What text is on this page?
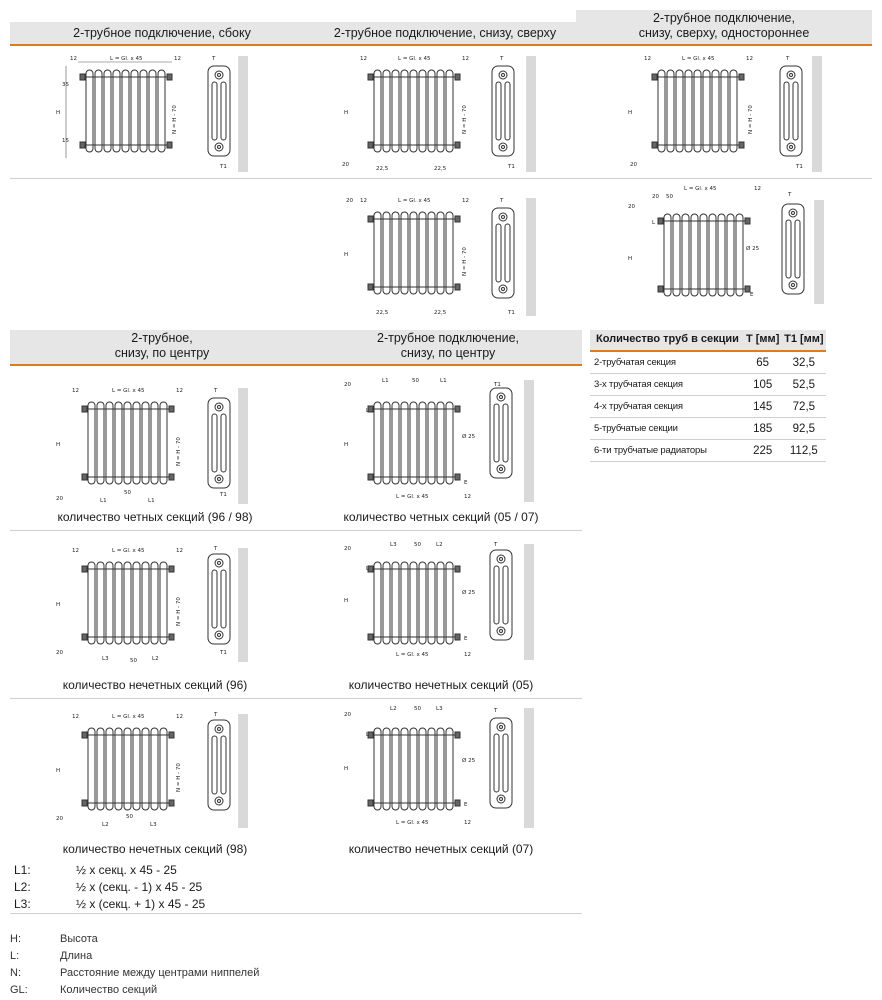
2-трубное подключение, сбоку	2-трубное подключение, снизу, сверху
2-трубное подключение,
снизу, сверху, одностороннее
12	L = Gl. x 45	12	T
H
35
15
N = H - 70
T1
12	L = Gl. x 45	12	T
H	N = H - 70
22,5	22,5
20	T1
12	L = Gl. x 45	12	T
H	N = H - 70
20	T1
20 12	L = Gl. x 45	12	T
H	N = H - 70
22,5	22,5	T1
L = Gl. x 45	12
T
20 50
20
H
L
Ø 25
E
2-трубное,
снизу, по центру
2-трубное подключение,
снизу, по центру
Количество труб в секции	T [мм]	T1 [мм]
2-трубчатая секция	65	32,5
3-х трубчатая секция	105	52,5
4-х трубчатая секция	145	72,5
5-трубчатые секции	185	92,5
6-ти трубчатые радиаторы	225	112,5
12	L = Gl. x 45	12	T
H	N = H - 70
20	L1
50
L1
T1
количество четных секций (96 / 98)
L1	50	L1
T1
20
H
L
Ø 25
E
L = Gl. x 45	12
количество четных секций (05 / 07)
12	L = Gl. x 45	12	T
H	N = H - 70
20
L3	50	L2
T1
количество нечетных секций (96)
L3	50	L2	T
20
H
L
Ø 25
E
L = Gl. x 45	12
количество нечетных секций (05)
12	L = Gl. x 45	12	T
H	N = H - 70
20
L2
50
L3
количество нечетных секций (98)
L2	50	L3	T
20
H
L
Ø 25
E
L = Gl. x 45	12
количество нечетных секций (07)
L1:	½ x секц. x 45 - 25
L2:	½ x (секц. - 1) x 45 - 25
L3:	½ x (секц. + 1) x 45 - 25
H:	Высота
L:	Длина
N:	Расстояние между центрами ниппелей
GL:	Количество секций
